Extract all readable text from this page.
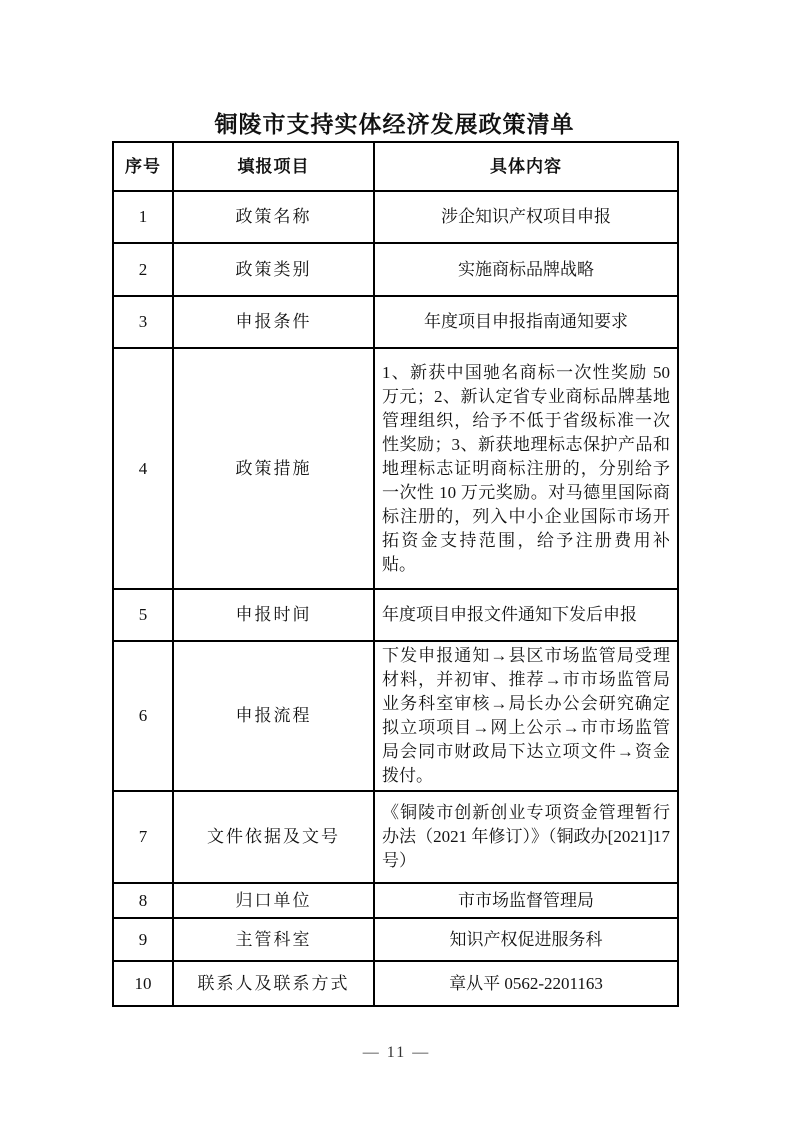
铜陵市支持实体经济发展政策清单
序号	填报项目	具体内容
1	政策名称	涉企知识产权项目申报
2	政策类别	实施商标品牌战略
3	申报条件	年度项目申报指南通知要求
4	政策措施	1、新获中国驰名商标一次性奖励 50 万元；2、新认定省专业商标品牌基地管理组织，给予不低于省级标准一次性奖励；3、新获地理标志保护产品和地理标志证明商标注册的，分别给予一次性 10 万元奖励。对马德里国际商标注册的，列入中小企业国际市场开拓资金支持范围，给予注册费用补贴。
5	申报时间	年度项目申报文件通知下发后申报
6	申报流程	下发申报通知→县区市场监管局受理材料，并初审、推荐→市市场监管局业务科室审核→局长办公会研究确定拟立项项目→网上公示→市市场监管局会同市财政局下达立项文件→资金拨付。
7	文件依据及文号	《铜陵市创新创业专项资金管理暂行办法（2021 年修订）》（铜政办[2021]17 号）
8	归口单位	市市场监督管理局
9	主管科室	知识产权促进服务科
10	联系人及联系方式	章从平 0562-2201163
— 11 —
